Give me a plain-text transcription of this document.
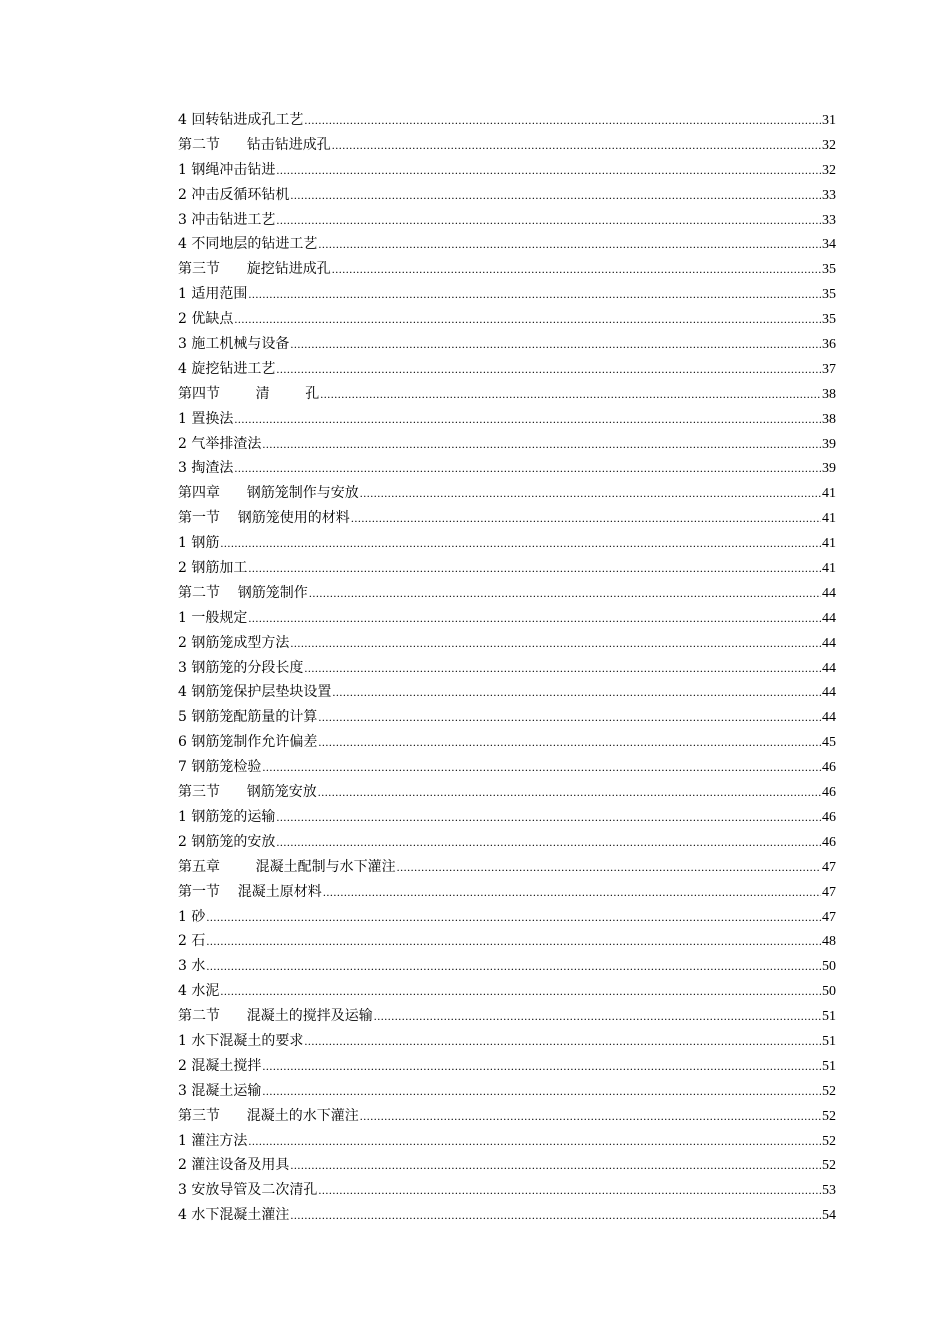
4 回转钻进成孔工艺 .....	31
第二节      钻击钻进成孔 .....	32
1 钢绳冲击钻进 .....	32
2 冲击反循环钻机 .....	33
3 冲击钻进工艺 .....	33
4 不同地层的钻进工艺 .....	34
第三节      旋挖钻进成孔 .....	35
1 适用范围 .....	35
2 优缺点 .....	35
3 施工机械与设备 .....	36
4 旋挖钻进工艺 .....	37
第四节        清        孔 .....	38
1 置换法 .....	38
2 气举排渣法 .....	39
3 掏渣法 .....	39
第四章      钢筋笼制作与安放 .....	41
第一节    钢筋笼使用的材料 .....	41
1 钢筋 .....	41
2 钢筋加工 .....	41
第二节    钢筋笼制作 .....	44
1 一般规定 .....	44
2 钢筋笼成型方法 .....	44
3 钢筋笼的分段长度 .....	44
4 钢筋笼保护层垫块设置 .....	44
5 钢筋笼配筋量的计算 .....	44
6 钢筋笼制作允许偏差 .....	45
7 钢筋笼检验 .....	46
第三节      钢筋笼安放 .....	46
1 钢筋笼的运输 .....	46
2 钢筋笼的安放 .....	46
第五章        混凝土配制与水下灌注 .....	47
第一节    混凝土原材料 .....	47
1 砂 .....	47
2 石 .....	48
3 水 .....	50
4 水泥 .....	50
第二节      混凝土的搅拌及运输 .....	51
1 水下混凝土的要求 .....	51
2 混凝土搅拌 .....	51
3 混凝土运输 .....	52
第三节      混凝土的水下灌注 .....	52
1 灌注方法 .....	52
2 灌注设备及用具 .....	52
3 安放导管及二次清孔 .....	53
4 水下混凝土灌注 .....	54
